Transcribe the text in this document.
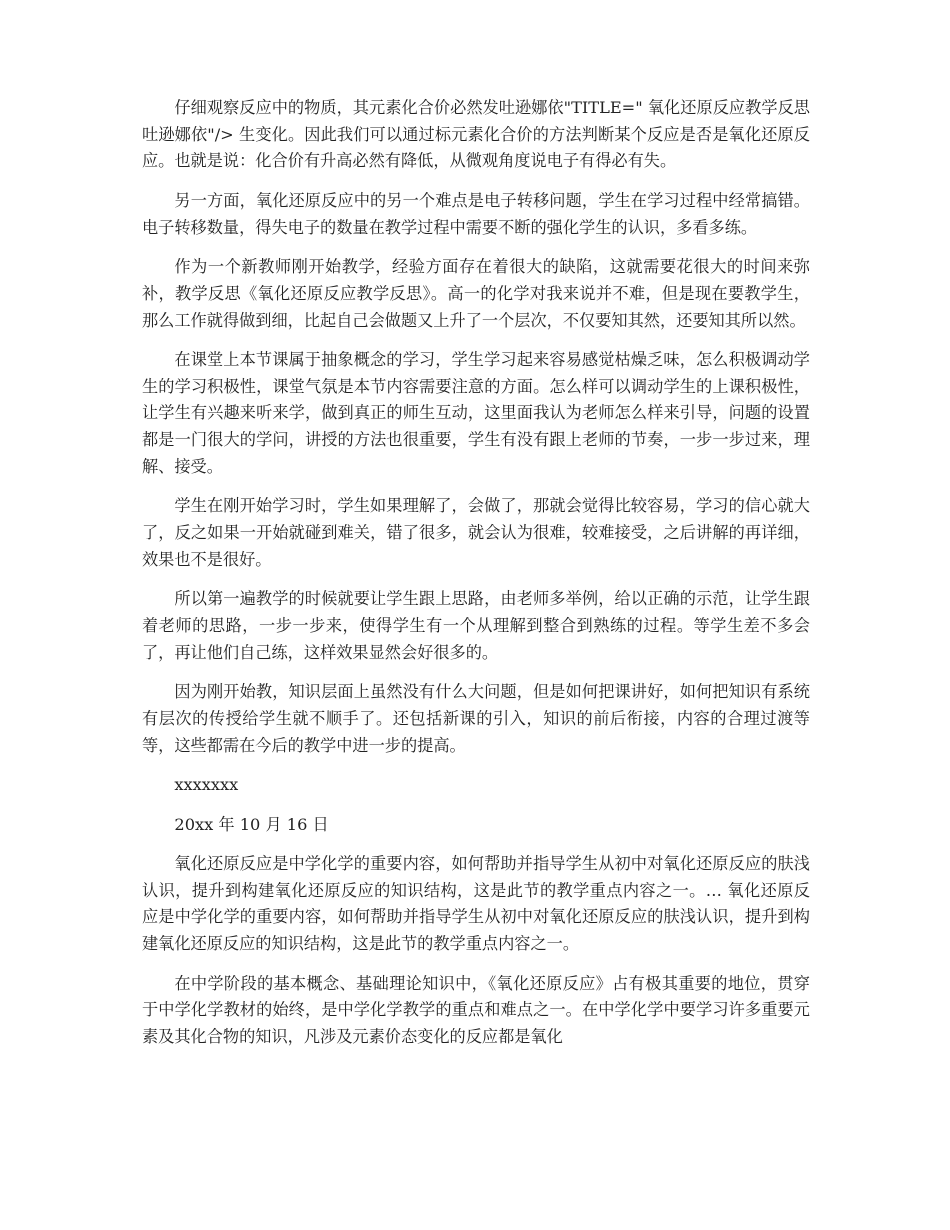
仔细观察反应中的物质，其元素化合价必然发吐逊娜依"TITLE=" 氧化还原反应教学反思吐逊娜依"/> 生变化。因此我们可以通过标元素化合价的方法判断某个反应是否是氧化还原反应。也就是说：化合价有升高必然有降低，从微观角度说电子有得必有失。

另一方面，氧化还原反应中的另一个难点是电子转移问题，学生在学习过程中经常搞错。电子转移数量，得失电子的数量在教学过程中需要不断的强化学生的认识，多看多练。

作为一个新教师刚开始教学，经验方面存在着很大的缺陷，这就需要花很大的时间来弥补，教学反思《氧化还原反应教学反思》。高一的化学对我来说并不难，但是现在要教学生，那么工作就得做到细，比起自己会做题又上升了一个层次，不仅要知其然，还要知其所以然。

在课堂上本节课属于抽象概念的学习，学生学习起来容易感觉枯燥乏味，怎么积极调动学生的学习积极性，课堂气氛是本节内容需要注意的方面。怎么样可以调动学生的上课积极性，让学生有兴趣来听来学，做到真正的师生互动，这里面我认为老师怎么样来引导，问题的设置都是一门很大的学问，讲授的方法也很重要，学生有没有跟上老师的节奏，一步一步过来，理解、接受。

学生在刚开始学习时，学生如果理解了，会做了，那就会觉得比较容易，学习的信心就大了，反之如果一开始就碰到难关，错了很多，就会认为很难，较难接受，之后讲解的再详细，效果也不是很好。

所以第一遍教学的时候就要让学生跟上思路，由老师多举例，给以正确的示范，让学生跟着老师的思路，一步一步来，使得学生有一个从理解到整合到熟练的过程。等学生差不多会了，再让他们自己练，这样效果显然会好很多的。

因为刚开始教，知识层面上虽然没有什么大问题，但是如何把课讲好，如何把知识有系统有层次的传授给学生就不顺手了。还包括新课的引入，知识的前后衔接，内容的合理过渡等等，这些都需在今后的教学中进一步的提高。

xxxxxxx

20xx 年 10 月 16 日

氧化还原反应是中学化学的重要内容，如何帮助并指导学生从初中对氧化还原反应的肤浅认识，提升到构建氧化还原反应的知识结构，这是此节的教学重点内容之一。… 氧化还原反应是中学化学的重要内容，如何帮助并指导学生从初中对氧化还原反应的肤浅认识，提升到构建氧化还原反应的知识结构，这是此节的教学重点内容之一。

在中学阶段的基本概念、基础理论知识中，《氧化还原反应》占有极其重要的地位，贯穿于中学化学教材的始终，是中学化学教学的重点和难点之一。在中学化学中要学习许多重要元素及其化合物的知识，凡涉及元素价态变化的反应都是氧化
